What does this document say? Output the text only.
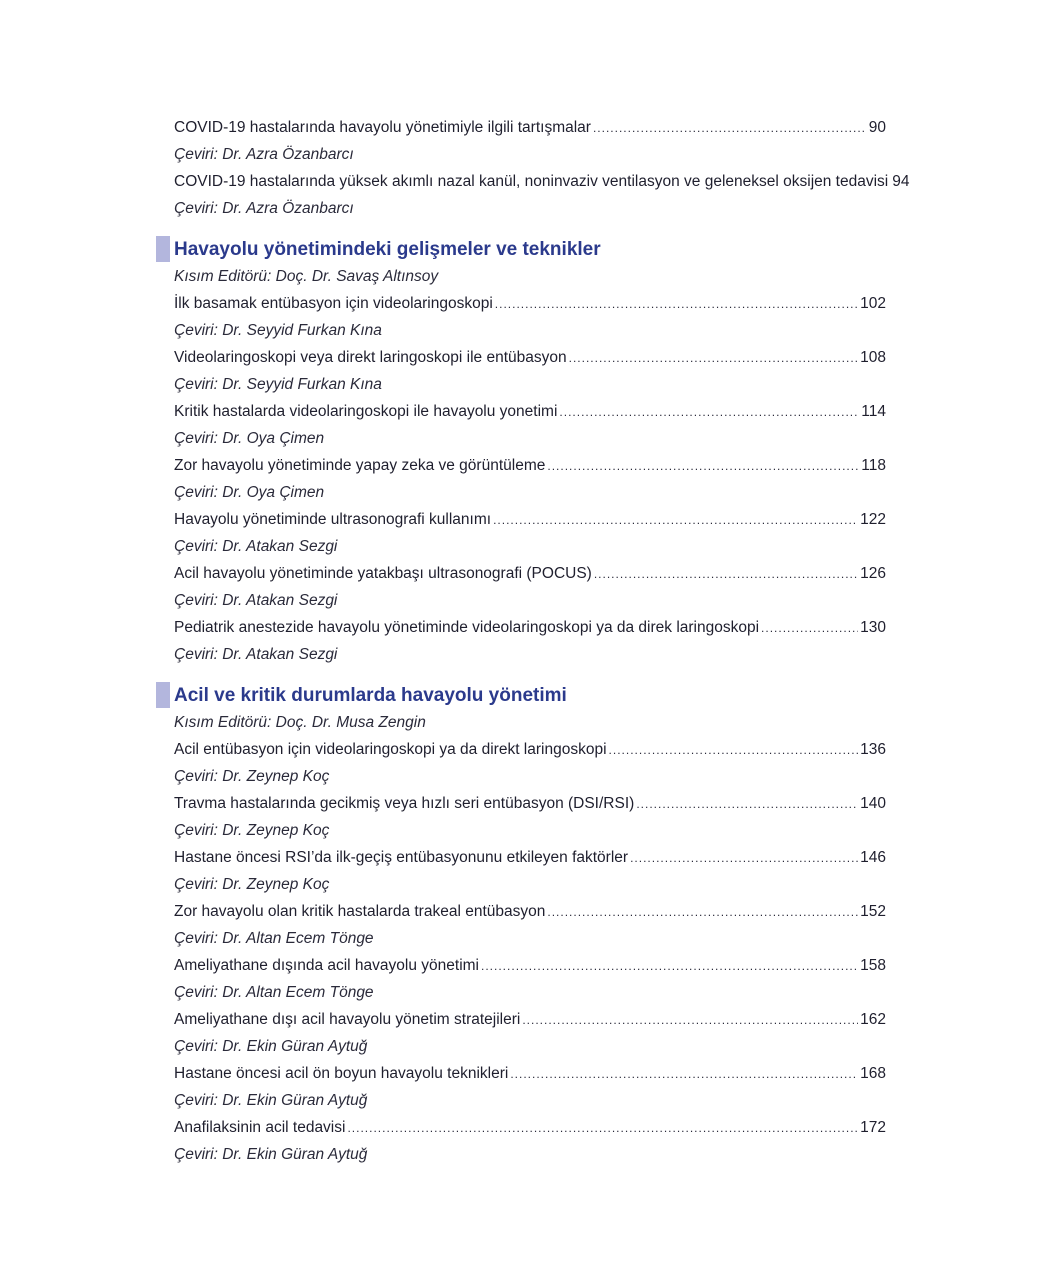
COVID-19 hastalarında havayolu yönetimiyle ilgili tartışmalar .....	90
Çeviri: Dr. Azra Özanbarcı
COVID-19 hastalarında yüksek akımlı nazal kanül, noninvaziv ventilasyon ve geleneksel oksijen tedavisi 94
Çeviri: Dr. Azra Özanbarcı
Havayolu yönetimindeki gelişmeler ve teknikler
Kısım Editörü: Doç. Dr. Savaş Altınsoy
İlk basamak entübasyon için videolaringoskopi .....	102
Çeviri: Dr. Seyyid Furkan Kına
Videolaringoskopi veya direkt laringoskopi ile entübasyon .....	108
Çeviri: Dr. Seyyid Furkan Kına
Kritik hastalarda videolaringoskopi ile havayolu yonetimi .....	114
Çeviri: Dr. Oya Çimen
Zor havayolu yönetiminde yapay zeka ve görüntüleme .....	118
Çeviri: Dr. Oya Çimen
Havayolu yönetiminde ultrasonografi kullanımı .....	122
Çeviri: Dr. Atakan Sezgi
Acil havayolu yönetiminde yatakbaşı ultrasonografi (POCUS) .....	126
Çeviri: Dr. Atakan Sezgi
Pediatrik anestezide havayolu yönetiminde videolaringoskopi ya da direk laringoskopi .....	130
Çeviri: Dr. Atakan Sezgi
Acil ve kritik durumlarda havayolu yönetimi
Kısım Editörü: Doç. Dr. Musa Zengin
Acil entübasyon için videolaringoskopi ya da direkt laringoskopi .....	136
Çeviri: Dr. Zeynep Koç
Travma hastalarında gecikmiş veya hızlı seri entübasyon (DSI/RSI) .....	140
Çeviri: Dr. Zeynep Koç
Hastane öncesi RSI’da ilk-geçiş entübasyonunu etkileyen faktörler .....	146
Çeviri: Dr. Zeynep Koç
Zor havayolu olan kritik hastalarda trakeal entübasyon .....	152
Çeviri: Dr. Altan Ecem Tönge
Ameliyathane dışında acil havayolu yönetimi .....	158
Çeviri: Dr. Altan Ecem Tönge
Ameliyathane dışı acil havayolu yönetim stratejileri .....	162
Çeviri: Dr. Ekin Güran Aytuğ
Hastane öncesi acil ön boyun havayolu teknikleri .....	168
Çeviri: Dr. Ekin Güran Aytuğ
Anafilaksinin acil tedavisi .....	172
Çeviri: Dr. Ekin Güran Aytuğ
